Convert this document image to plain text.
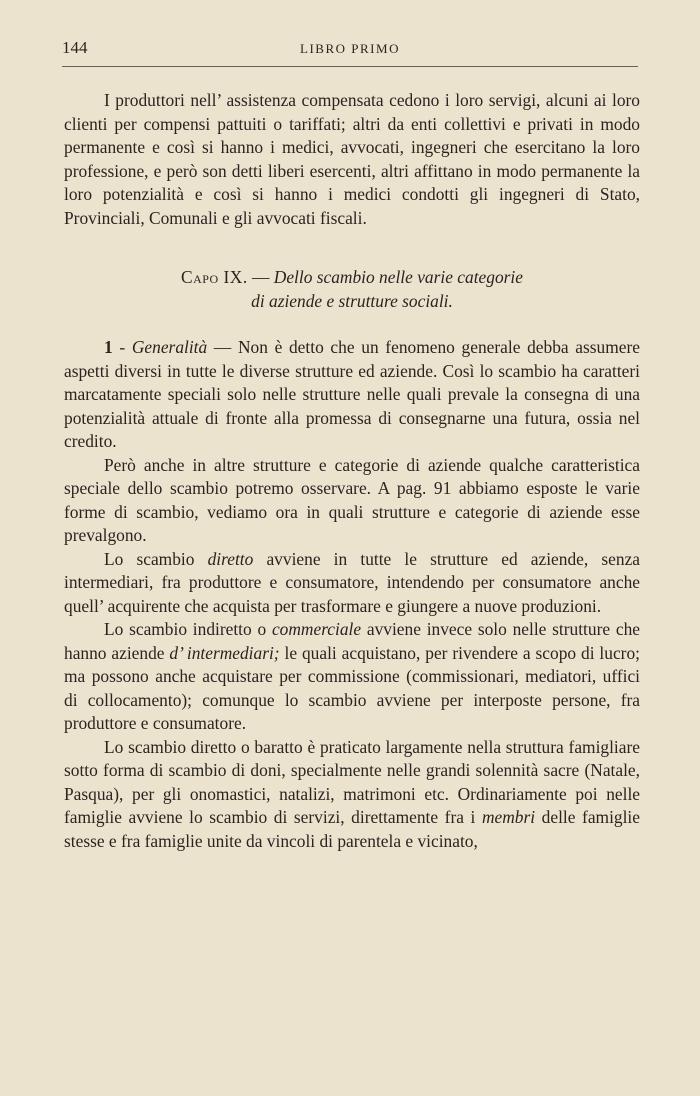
144	LIBRO PRIMO

I produttori nell’ assistenza compensata cedono i loro servigi, alcuni ai loro clienti per compensi pattuiti o tariffati; altri da enti collettivi e privati in modo permanente e così si hanno i medici, avvocati, ingegneri che esercitano la loro professione, e però son detti liberi esercenti, altri affittano in modo permanente la loro potenzialità e così si hanno i medici condotti gli ingegneri di Stato, Provinciali, Comunali e gli avvocati fiscali.

Capo IX. — Dello scambio nelle varie categorie
di aziende e strutture sociali.

1 - Generalità — Non è detto che un fenomeno generale debba assumere aspetti diversi in tutte le diverse strutture ed aziende. Così lo scambio ha caratteri marcatamente speciali solo nelle strutture nelle quali prevale la consegna di una potenzialità attuale di fronte alla promessa di consegnarne una futura, ossia nel credito.

Però anche in altre strutture e categorie di aziende qualche caratteristica speciale dello scambio potremo osservare. A pag. 91 abbiamo esposte le varie forme di scambio, vediamo ora in quali strutture e categorie di aziende esse prevalgono.

Lo scambio diretto avviene in tutte le strutture ed aziende, senza intermediari, fra produttore e consumatore, intendendo per consumatore anche quell’ acquirente che acquista per trasformare e giungere a nuove produzioni.

Lo scambio indiretto o commerciale avviene invece solo nelle strutture che hanno aziende d’ intermediari; le quali acquistano, per rivendere a scopo di lucro; ma possono anche acquistare per commissione (commissionari, mediatori, uffici di collocamento); comunque lo scambio avviene per interposte persone, fra produttore e consumatore.

Lo scambio diretto o baratto è praticato largamente nella struttura famigliare sotto forma di scambio di doni, specialmente nelle grandi solennità sacre (Natale, Pasqua), per gli onomastici, natalizi, matrimoni etc. Ordinariamente poi nelle famiglie avviene lo scambio di servizi, direttamente fra i membri delle famiglie stesse e fra famiglie unite da vincoli di parentela e vicinato,
